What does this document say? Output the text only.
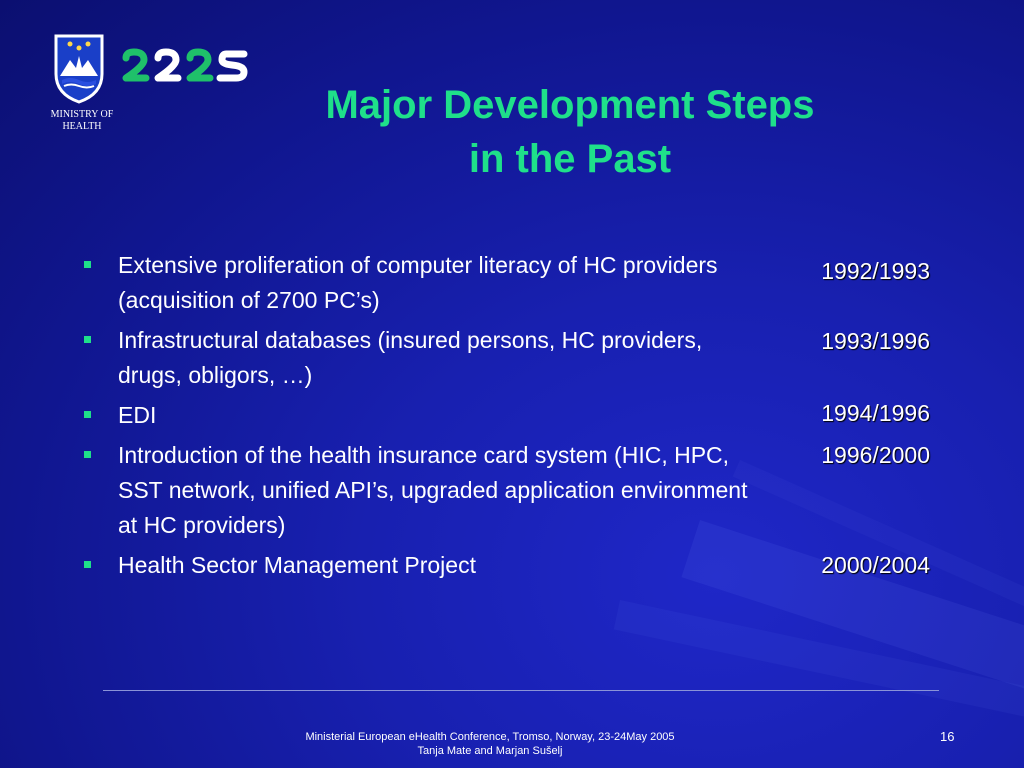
MINISTRY OF
HEALTH	Major Development Steps
in the Past
Extensive proliferation of computer literacy of HC providers (acquisition of 2700 PC’s)
Infrastructural databases (insured persons, HC providers, drugs, obligors, …)
EDI
Introduction of the health insurance card system (HIC, HPC, SST network, unified API’s, upgraded application environment at HC providers)
Health Sector Management Project
1992/1993
1993/1996
1994/1996
1996/2000
2000/2004
Ministerial European eHealth Conference, Tromso, Norway, 23-24May 2005
Tanja Mate and Marjan Sušelj
16
